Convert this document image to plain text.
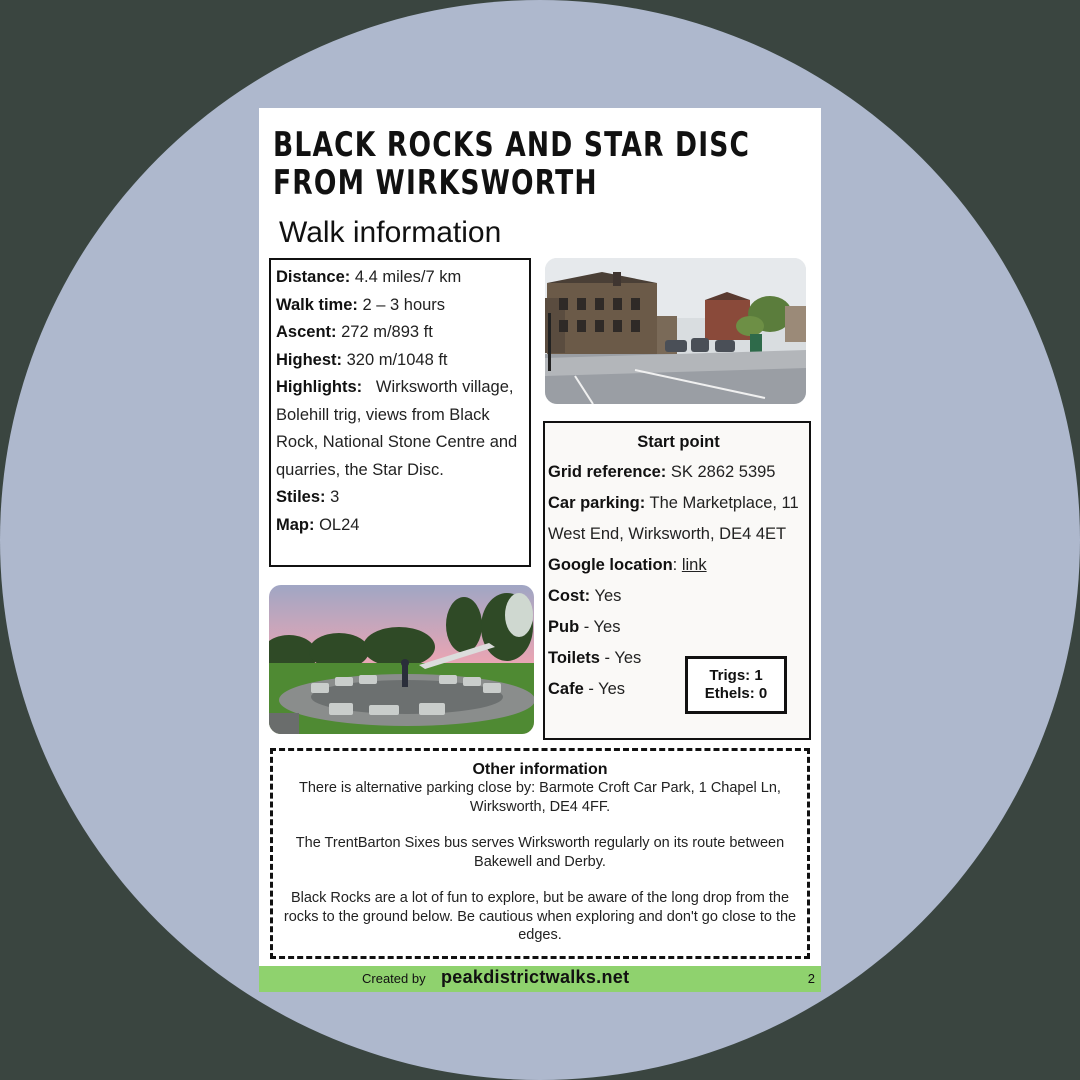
BLACK ROCKS AND STAR DISC FROM WIRKSWORTH
Walk information
Distance: 4.4 miles/7 km
Walk time: 2 – 3 hours
Ascent: 272 m/893 ft
Highest: 320 m/1048 ft
Highlights: Wirksworth village, Bolehill trig, views from Black Rock, National Stone Centre and quarries, the Star Disc.
Stiles: 3
Map: OL24
Start point
Grid reference: SK 2862 5395
Car parking: The Marketplace, 11 West End, Wirksworth, DE4 4ET
Google location: link
Cost: Yes
Pub - Yes
Toilets - Yes
Cafe - Yes
Trigs: 1
Ethels: 0
Other information

There is alternative parking close by: Barmote Croft Car Park, 1 Chapel Ln, Wirksworth, DE4 4FF.

The TrentBarton Sixes bus serves Wirksworth regularly on its route between Bakewell and Derby.

Black Rocks are a lot of fun to explore, but be aware of the long drop from the rocks to the ground below. Be cautious when exploring and don't go close to the edges.

Created by peakdistrictwalks.net	2
